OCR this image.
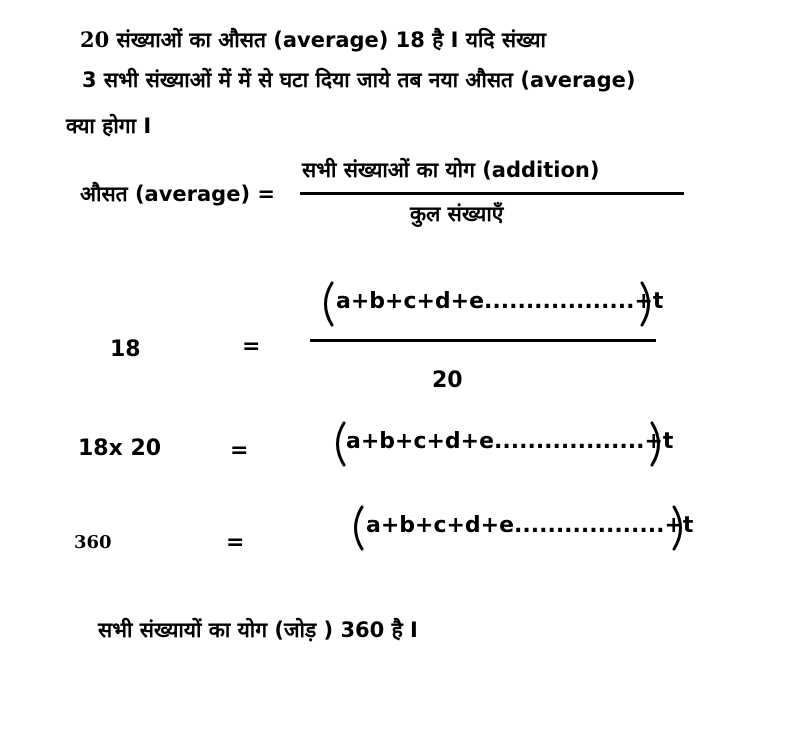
20 संख्याओं का औसत (average) 18 है I यदि संख्या
3 सभी संख्याओं में में से घटा दिया जाये तब नया औसत (average)
क्या होगा I
औसत (average) =
सभी संख्याओं का योग (addition)
कुल संख्याएँ
18	=
a+b+c+d+e..................+t
20
18x 20	=	a+b+c+d+e..................+t
360	=
a+b+c+d+e..................+t
सभी संख्यायों का योग (जोड़ ) 360 है I
